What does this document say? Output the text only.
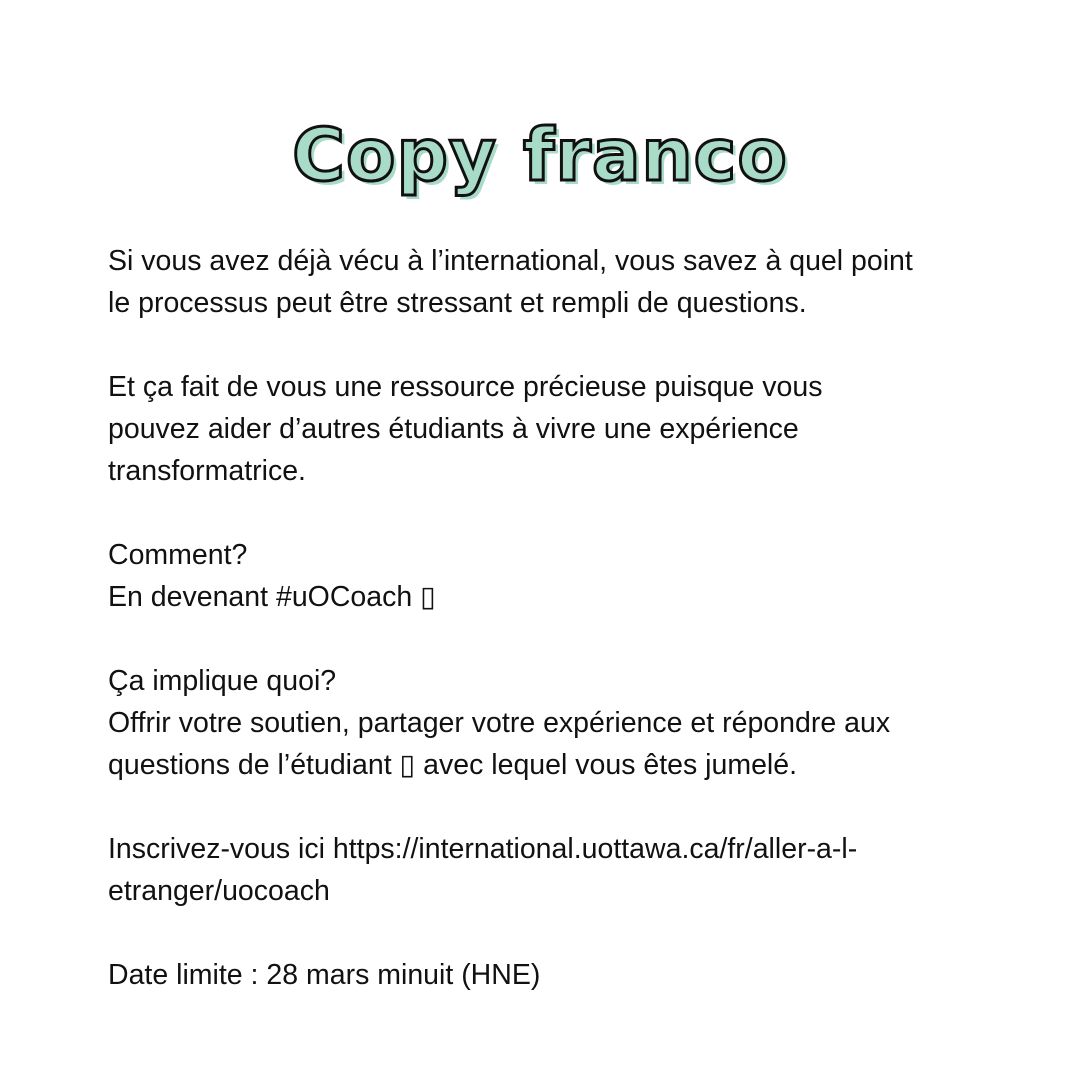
Copy franco

Si vous avez déjà vécu à l’international, vous savez à quel point
le processus peut être stressant et rempli de questions.

Et ça fait de vous une ressource précieuse puisque vous
pouvez aider d’autres étudiants à vivre une expérience
transformatrice.

Comment?
En devenant #uOCoach ▯

Ça implique quoi?
Offrir votre soutien, partager votre expérience et répondre aux
questions de l’étudiant ▯ avec lequel vous êtes jumelé.

Inscrivez-vous ici https://international.uottawa.ca/fr/aller-a-l-
etranger/uocoach

Date limite : 28 mars minuit (HNE)
